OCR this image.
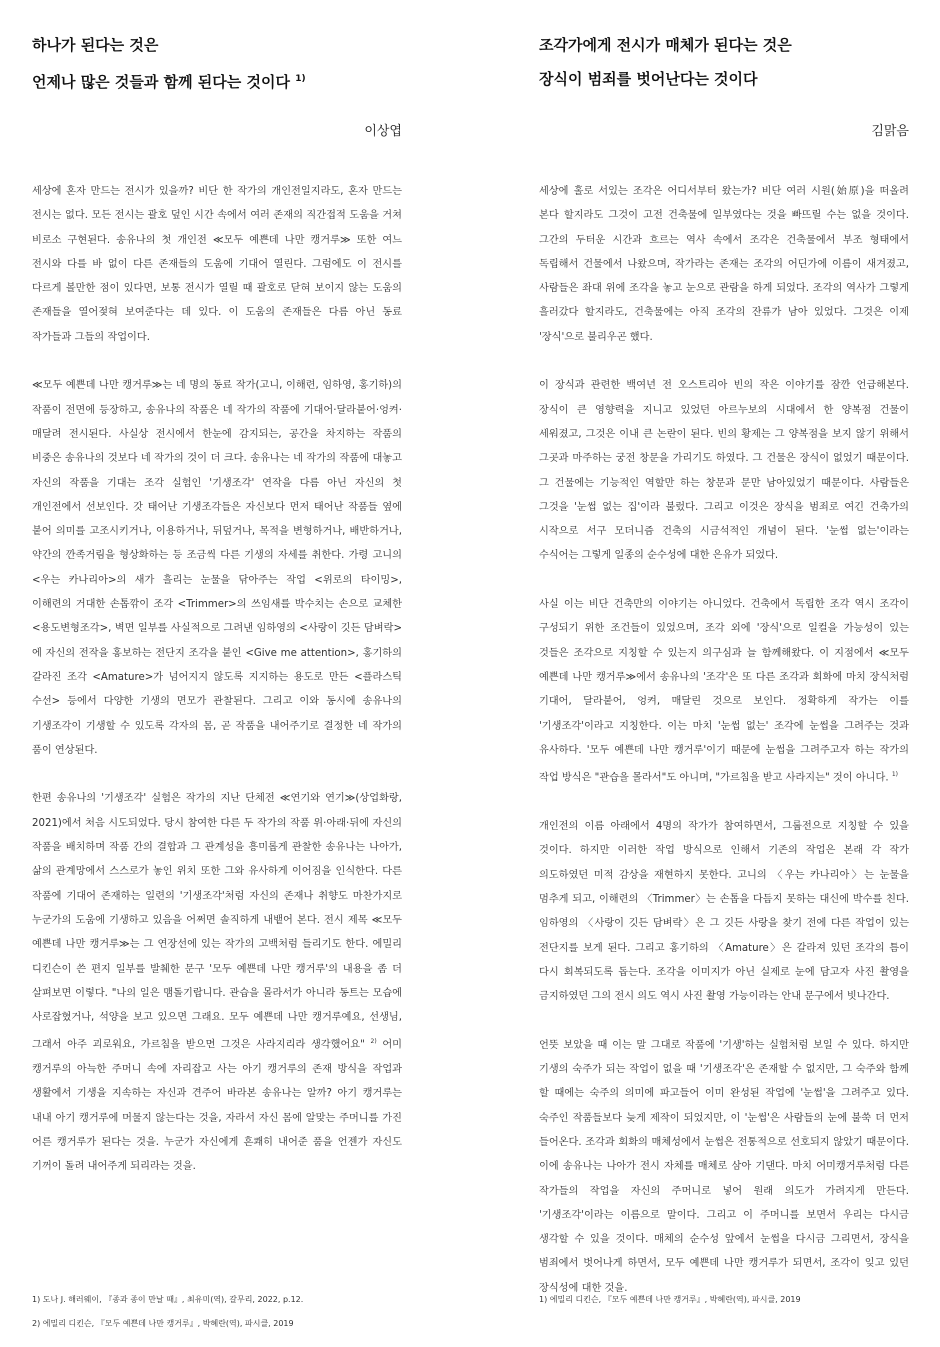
하나가 된다는 것은
언제나 많은 것들과 함께 된다는 것이다 $^{1)}$
이상엽

세상에 혼자 만드는 전시가 있을까? 비단 한 작가의 개인전일지라도, 혼자 만드는 전시는 없다. 모든 전시는 괄호 덮인 시간 속에서 여러 존재의 직간접적 도움을 거쳐 비로소 구현된다. 송유나의 첫 개인전 ≪모두 예쁜데 나만 캥거루≫ 또한 여느 전시와 다를 바 없이 다른 존재들의 도움에 기대어 열린다. 그럼에도 이 전시를 다르게 볼만한 점이 있다면, 보통 전시가 열릴 때 괄호로 닫혀 보이지 않는 도움의 존재들을 열어젖혀 보여준다는 데 있다. 이 도움의 존재들은 다름 아닌 동료 작가들과 그들의 작업이다.

≪모두 예쁜데 나만 캥거루≫는 네 명의 동료 작가(고니, 이해련, 임하영, 홍기하)의 작품이 전면에 등장하고, 송유나의 작품은 네 작가의 작품에 기대어·달라붙어·엉켜·매달려 전시된다. 사실상 전시에서 한눈에 감지되는, 공간을 차지하는 작품의 비중은 송유나의 것보다 네 작가의 것이 더 크다. 송유나는 네 작가의 작품에 대놓고 자신의 작품을 기대는 조각 실험인 '기생조각' 연작을 다름 아닌 자신의 첫 개인전에서 선보인다. 갓 태어난 기생조각들은 자신보다 먼저 태어난 작품들 옆에 붙어 의미를 고조시키거나, 이용하거나, 뒤덮거나, 목적을 변형하거나, 배반하거나, 약간의 깐족거림을 형상화하는 등 조금씩 다른 기생의 자세를 취한다. 가령 고니의 <우는 카나리아>의 새가 흘리는 눈물을 닦아주는 작업 <위로의 타이밍>, 이해련의 거대한 손톱깎이 조각 <Trimmer>의 쓰임새를 박수치는 손으로 교체한 <용도변형조각>, 벽면 일부를 사실적으로 그려낸 임하영의 <사랑이 깃든 담벼락>에 자신의 전작을 홍보하는 전단지 조각을 붙인 <Give me attention>, 홍기하의 갈라진 조각 <Amature>가 넘어지지 않도록 지지하는 용도로 만든 <플라스틱 수선> 등에서 다양한 기생의 면모가 관찰된다. 그리고 이와 동시에 송유나의 기생조각이 기생할 수 있도록 각자의 몸, 곧 작품을 내어주기로 결정한 네 작가의 품이 연상된다.

한편 송유나의 '기생조각' 실험은 작가의 지난 단체전 ≪연기와 연기≫(상업화랑, 2021)에서 처음 시도되었다. 당시 참여한 다른 두 작가의 작품 위·아래·뒤에 자신의 작품을 배치하며 작품 간의 결합과 그 관계성을 흥미롭게 관찰한 송유나는 나아가, 삶의 관계망에서 스스로가 놓인 위치 또한 그와 유사하게 이어짐을 인식한다. 다른 작품에 기대어 존재하는 일련의 '기생조각'처럼 자신의 존재나 취향도 마찬가지로 누군가의 도움에 기생하고 있음을 어쩌면 솔직하게 내뱉어 본다. 전시 제목 ≪모두 예쁜데 나만 캥거루≫는 그 연장선에 있는 작가의 고백처럼 들리기도 한다. 에밀리 디킨슨이 쓴 편지 일부를 발췌한 문구 '모두 예쁜데 나만 캥거루'의 내용을 좀 더 살펴보면 이렇다. "나의 일은 맴돌기랍니다. 관습을 몰라서가 아니라 동트는 모습에 사로잡혔거나, 석양을 보고 있으면 그래요. 모두 예쁜데 나만 캥거루예요, 선생님, 그래서 아주 괴로워요, 가르침을 받으면 그것은 사라지리라 생각했어요" $^{2)}$ 어미 캥거루의 아늑한 주머니 속에 자리잡고 사는 아기 캥거루의 존재 방식을 작업과 생활에서 기생을 지속하는 자신과 견주어 바라본 송유나는 알까? 아기 캥거루는 내내 아기 캥거루에 머물지 않는다는 것을, 자라서 자신 몸에 알맞는 주머니를 가진 어른 캥거루가 된다는 것을. 누군가 자신에게 흔쾌히 내어준 품을 언젠가 자신도 기꺼이 돌려 내어주게 되리라는 것을.

1) 도나 J. 해러웨이, 『종과 종이 만날 때』, 최유미(역), 갈무리, 2022, p.12.
2) 에밀리 디킨슨, 『모두 예쁜데 나만 캥거루』, 박혜란(역), 파시클, 2019
조각가에게 전시가 매체가 된다는 것은
장식이 범죄를 벗어난다는 것이다
김맑음

세상에 홀로 서있는 조각은 어디서부터 왔는가? 비단 여러 시원(始原)을 떠올려 본다 할지라도 그것이 고전 건축물에 일부였다는 것을 빠뜨릴 수는 없을 것이다. 그간의 두터운 시간과 흐르는 역사 속에서 조각은 건축물에서 부조 형태에서 독립해서 건물에서 나왔으며, 작가라는 존재는 조각의 어딘가에 이름이 새겨졌고, 사람들은 좌대 위에 조각을 놓고 눈으로 관람을 하게 되었다. 조각의 역사가 그렇게 흘러갔다 할지라도, 건축물에는 아직 조각의 잔류가 남아 있었다. 그것은 이제 '장식'으로 불리우곤 했다.

이 장식과 관련한 백여년 전 오스트리아 빈의 작은 이야기를 잠깐 언급해본다. 장식이 큰 영향력을 지니고 있었던 아르누보의 시대에서 한 양복점 건물이 세워졌고, 그것은 이내 큰 논란이 된다. 빈의 황제는 그 양복점을 보지 않기 위해서 그곳과 마주하는 궁전 창문을 가리기도 하였다. 그 건물은 장식이 없었기 때문이다. 그 건물에는 기능적인 역할만 하는 창문과 문만 남아있었기 때문이다. 사람들은 그것을 '눈썹 없는 집'이라 불렀다. 그리고 이것은 장식을 범죄로 여긴 건축가의 시작으로 서구 모더니즘 건축의 시금석적인 개념이 된다. '눈썹 없는'이라는 수식어는 그렇게 일종의 순수성에 대한 은유가 되었다.

사실 이는 비단 건축만의 이야기는 아니었다. 건축에서 독립한 조각 역시 조각이 구성되기 위한 조건들이 있었으며, 조각 외에 '장식'으로 일컬을 가능성이 있는 것들은 조각으로 지칭할 수 있는지 의구심과 늘 함께해왔다. 이 지점에서 ≪모두 예쁜데 나만 캥거루≫에서 송유나의 '조각'은 또 다른 조각과 회화에 마치 장식처럼 기대어, 달라붙어, 엉켜, 매달린 것으로 보인다. 정확하게 작가는 이를 '기생조각'이라고 지칭한다. 이는 마치 '눈썹 없는' 조각에 눈썹을 그려주는 것과 유사하다. '모두 예쁜데 나만 캥거루'이기 때문에 눈썹을 그려주고자 하는 작가의 작업 방식은 "관습을 몰라서"도 아니며, "가르침을 받고 사라지는" 것이 아니다. $^{1)}$

개인전의 이름 아래에서 4명의 작가가 참여하면서, 그룹전으로 지칭할 수 있을 것이다. 하지만 이러한 작업 방식으로 인해서 기존의 작업은 본래 각 작가 의도하였던 미적 감상을 재현하지 못한다. 고니의 〈우는 카나리아〉는 눈물을 멈추게 되고, 이해련의 〈Trimmer〉는 손톱을 다듬지 못하는 대신에 박수를 친다. 임하영의 〈사랑이 깃든 담벼락〉은 그 깃든 사랑을 찾기 전에 다른 작업이 있는 전단지를 보게 된다. 그리고 홍기하의 〈Amature〉은 갈라져 있던 조각의 틈이 다시 회복되도록 돕는다. 조각을 이미지가 아닌 실제로 눈에 담고자 사진 촬영을 금지하였던 그의 전시 의도 역시 사진 촬영 가능이라는 안내 문구에서 빗나간다.

언뜻 보았을 때 이는 말 그대로 작품에 '기생'하는 실험처럼 보일 수 있다. 하지만 기생의 숙주가 되는 작업이 없을 때 '기생조각'은 존재할 수 없지만, 그 숙주와 함께 할 때에는 숙주의 의미에 파고들어 이미 완성된 작업에 '눈썹'을 그려주고 있다. 숙주인 작품들보다 늦게 제작이 되었지만, 이 '눈썹'은 사람들의 눈에 불쑥 더 먼저 들어온다. 조각과 회화의 매체성에서 눈썹은 전통적으로 선호되지 않았기 때문이다. 이에 송유나는 나아가 전시 자체를 매체로 삼아 기댄다. 마치 어미캥거루처럼 다른 작가들의 작업을 자신의 주머니로 넣어 원래 의도가 가려지게 만든다. '기생조각'이라는 이름으로 말이다. 그리고 이 주머니를 보면서 우리는 다시금 생각할 수 있을 것이다. 매체의 순수성 앞에서 눈썹을 다시금 그리면서, 장식을 범죄에서 벗어나게 하면서, 모두 예쁜데 나만 캥거루가 되면서, 조각이 잊고 있던 장식성에 대한 것을.

1) 에밀리 디킨슨, 『모두 예쁜데 나만 캥거루』, 박혜란(역), 파시클, 2019
